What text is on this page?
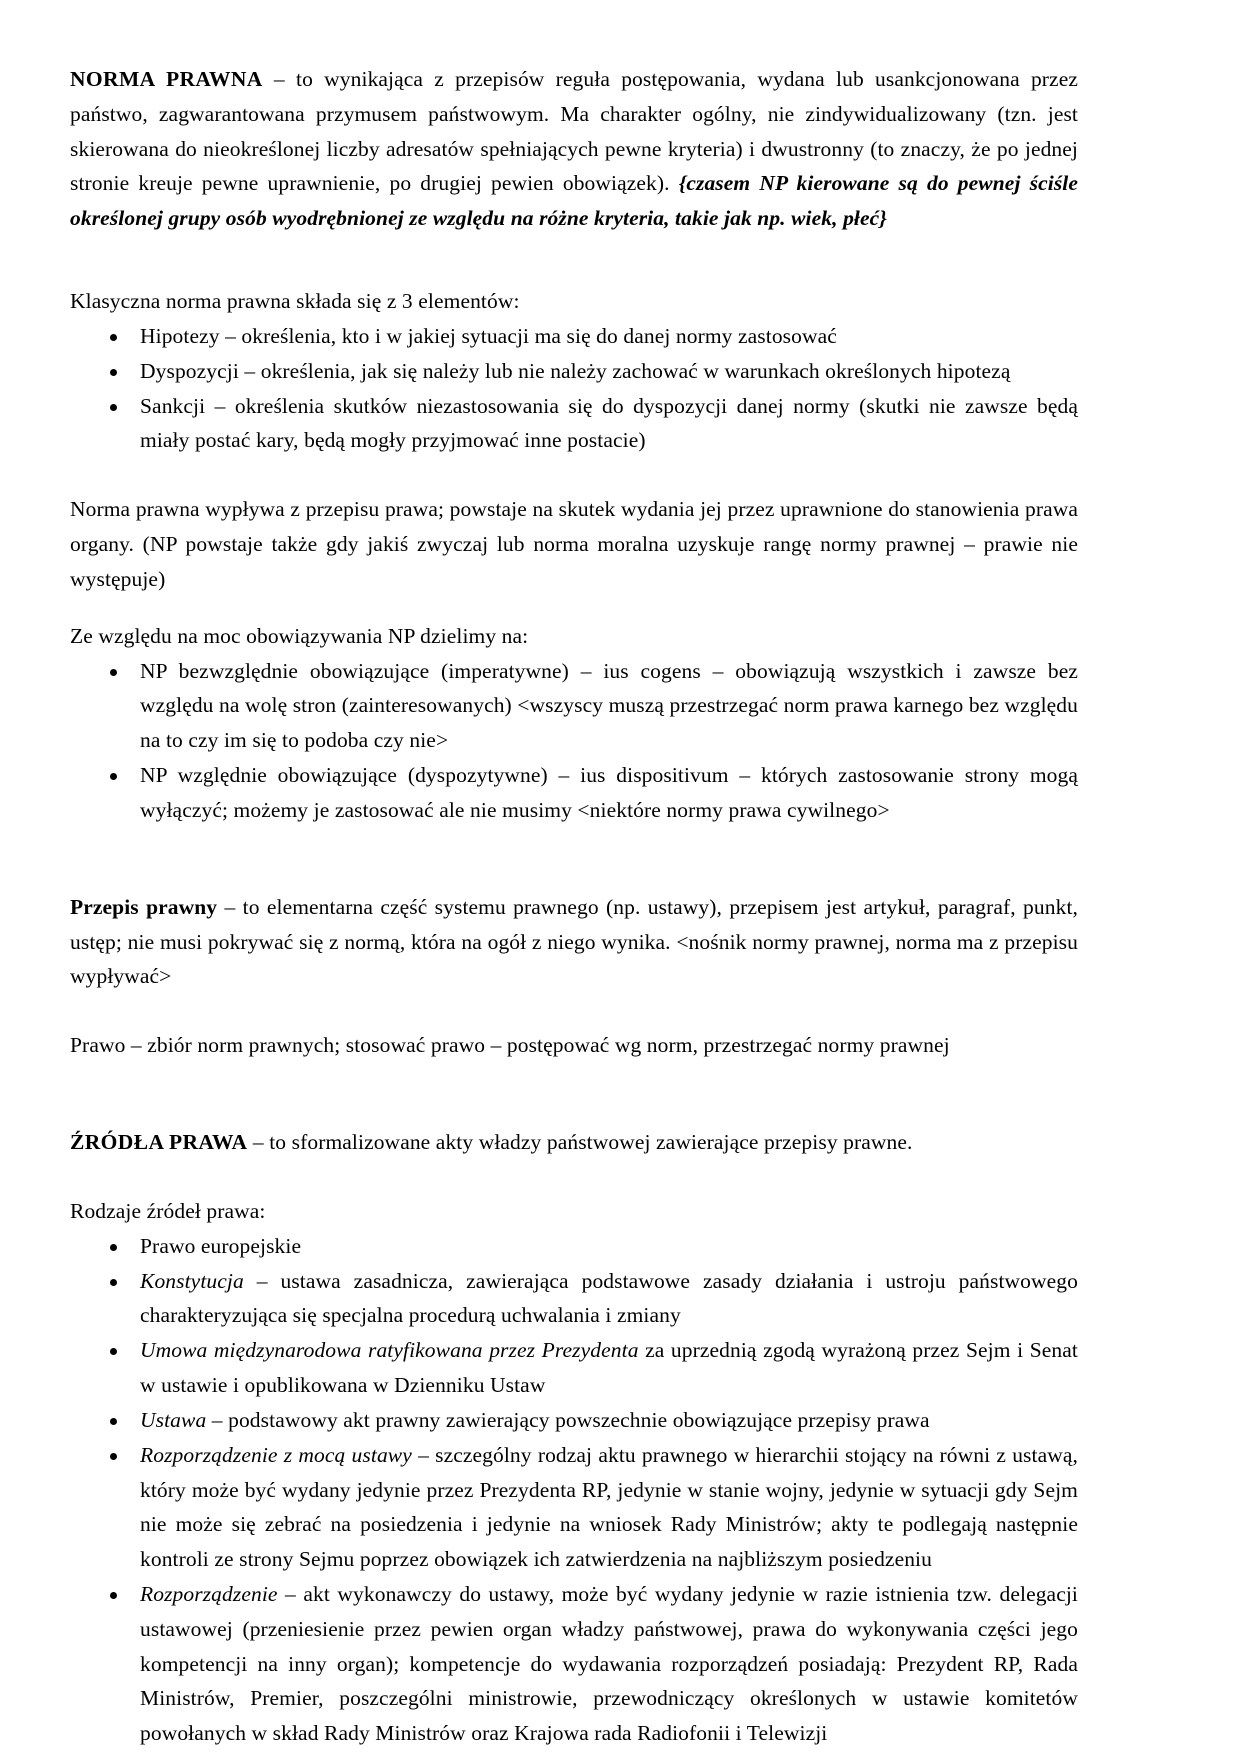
NORMA PRAWNA – to wynikająca z przepisów reguła postępowania, wydana lub usankcjonowana przez państwo, zagwarantowana przymusem państwowym. Ma charakter ogólny, nie zindywidualizowany (tzn. jest skierowana do nieokreślonej liczby adresatów spełniających pewne kryteria) i dwustronny (to znaczy, że po jednej stronie kreuje pewne uprawnienie, po drugiej pewien obowiązek). {czasem NP kierowane są do pewnej ściśle określonej grupy osób wyodrębnionej ze względu na różne kryteria, takie jak np. wiek, płeć}

Klasyczna norma prawna składa się z 3 elementów:

Hipotezy – określenia, kto i w jakiej sytuacji ma się do danej normy zastosować
Dyspozycji – określenia, jak się należy lub nie należy zachować w warunkach określonych hipotezą
Sankcji – określenia skutków niezastosowania się do dyspozycji danej normy (skutki nie zawsze będą miały postać kary, będą mogły przyjmować inne postacie)

Norma prawna wypływa z przepisu prawa; powstaje na skutek wydania jej przez uprawnione do stanowienia prawa organy. (NP powstaje także gdy jakiś zwyczaj lub norma moralna uzyskuje rangę normy prawnej – prawie nie występuje)

Ze względu na moc obowiązywania NP dzielimy na:

NP bezwzględnie obowiązujące (imperatywne) – ius cogens – obowiązują wszystkich i zawsze bez względu na wolę stron (zainteresowanych) <wszyscy muszą przestrzegać norm prawa karnego bez względu na to czy im się to podoba czy nie>
NP względnie obowiązujące (dyspozytywne) – ius dispositivum – których zastosowanie strony mogą wyłączyć; możemy je zastosować ale nie musimy <niektóre normy prawa cywilnego>

Przepis prawny – to elementarna część systemu prawnego (np. ustawy), przepisem jest artykuł, paragraf, punkt, ustęp; nie musi pokrywać się z normą, która na ogół z niego wynika. <nośnik normy prawnej, norma ma z przepisu wypływać>

Prawo – zbiór norm prawnych; stosować prawo – postępować wg norm, przestrzegać normy prawnej

ŹRÓDŁA PRAWA – to sformalizowane akty władzy państwowej zawierające przepisy prawne.

Rodzaje źródeł prawa:

Prawo europejskie
Konstytucja – ustawa zasadnicza, zawierająca podstawowe zasady działania i ustroju państwowego charakteryzująca się specjalna procedurą uchwalania i zmiany
Umowa międzynarodowa ratyfikowana przez Prezydenta za uprzednią zgodą wyrażoną przez Sejm i Senat w ustawie i opublikowana w Dzienniku Ustaw
Ustawa – podstawowy akt prawny zawierający powszechnie obowiązujące przepisy prawa
Rozporządzenie z mocą ustawy – szczególny rodzaj aktu prawnego w hierarchii stojący na równi z ustawą, który może być wydany jedynie przez Prezydenta RP, jedynie w stanie wojny, jedynie w sytuacji gdy Sejm nie może się zebrać na posiedzenia i jedynie na wniosek Rady Ministrów; akty te podlegają następnie kontroli ze strony Sejmu poprzez obowiązek ich zatwierdzenia na najbliższym posiedzeniu
Rozporządzenie – akt wykonawczy do ustawy, może być wydany jedynie w razie istnienia tzw. delegacji ustawowej (przeniesienie przez pewien organ władzy państwowej, prawa do wykonywania części jego kompetencji na inny organ); kompetencje do wydawania rozporządzeń posiadają: Prezydent RP, Rada Ministrów, Premier, poszczególni ministrowie, przewodniczący określonych w ustawie komitetów powołanych w skład Rady Ministrów oraz Krajowa rada Radiofonii i Telewizji
